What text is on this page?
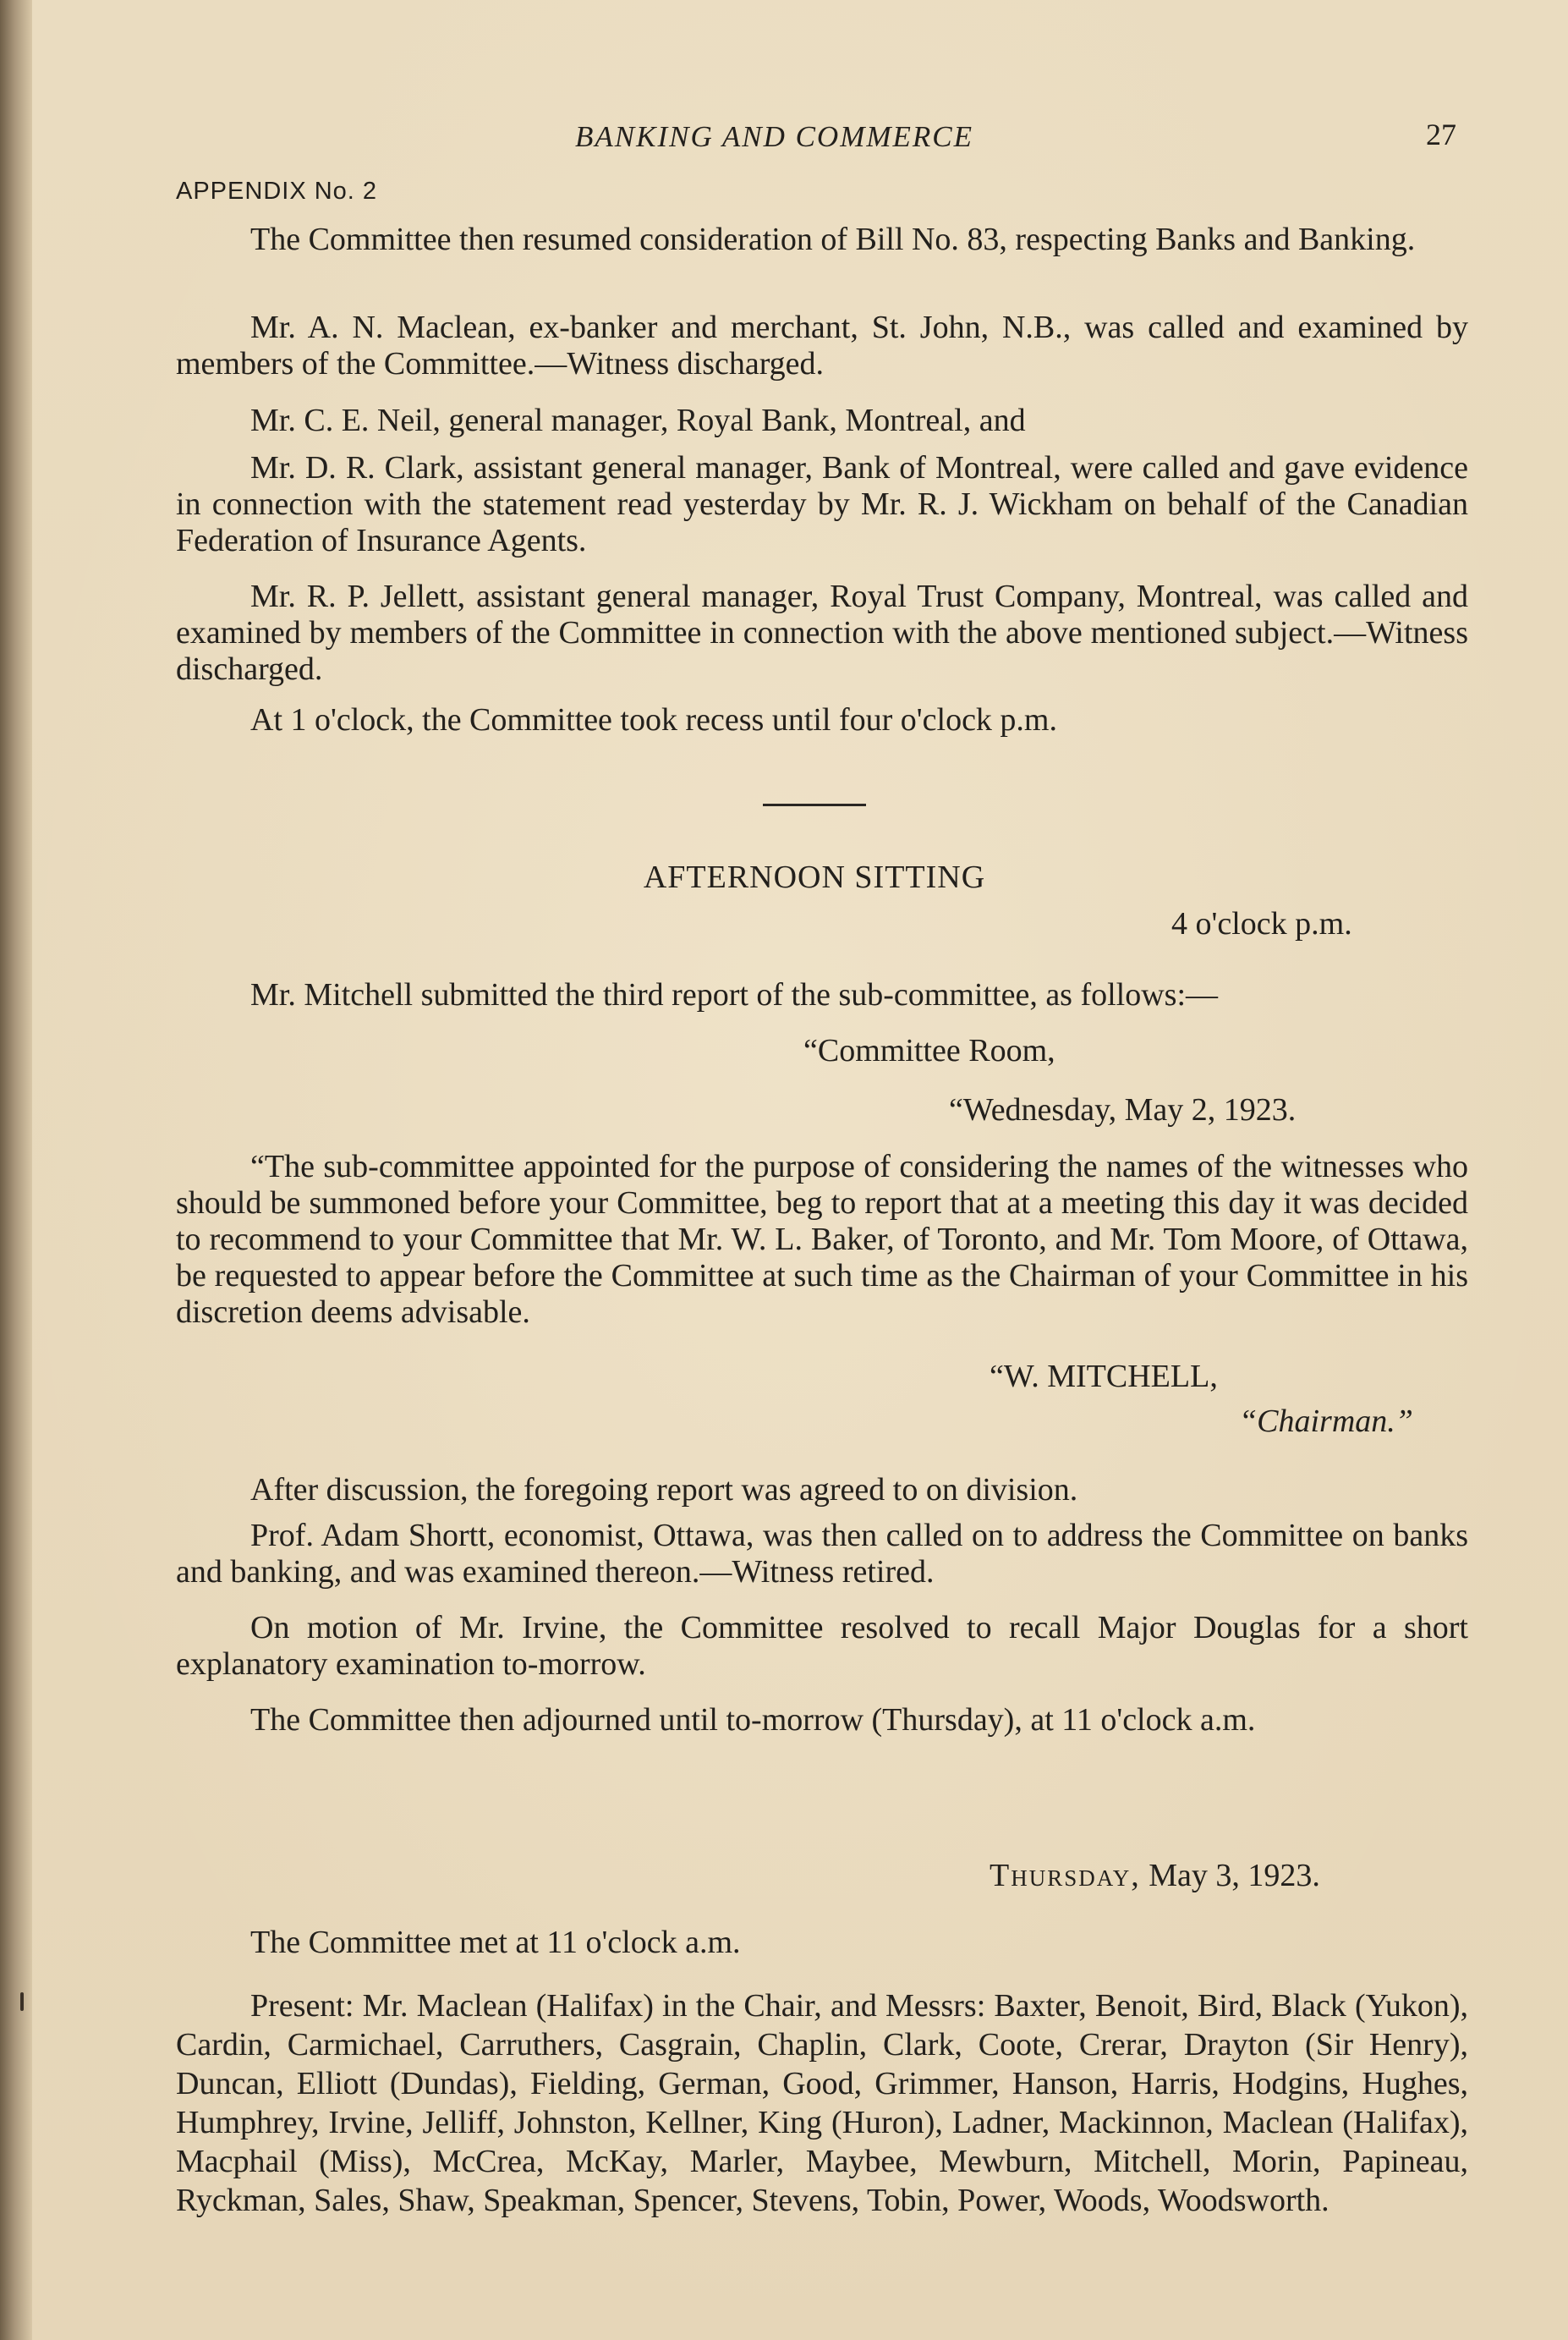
BANKING AND COMMERCE	27
APPENDIX No. 2

The Committee then resumed consideration of Bill No. 83, respecting Banks and Banking.

Mr. A. N. Maclean, ex-banker and merchant, St. John, N.B., was called and examined by members of the Committee.—Witness discharged.

Mr. C. E. Neil, general manager, Royal Bank, Montreal, and

Mr. D. R. Clark, assistant general manager, Bank of Montreal, were called and gave evidence in connection with the statement read yesterday by Mr. R. J. Wickham on behalf of the Canadian Federation of Insurance Agents.

Mr. R. P. Jellett, assistant general manager, Royal Trust Company, Montreal, was called and examined by members of the Committee in connection with the above mentioned subject.—Witness discharged.

At 1 o'clock, the Committee took recess until four o'clock p.m.

AFTERNOON SITTING
4 o'clock p.m.

Mr. Mitchell submitted the third report of the sub-committee, as follows:—

“Committee Room,
“Wednesday, May 2, 1923.

“The sub-committee appointed for the purpose of considering the names of the witnesses who should be summoned before your Committee, beg to report that at a meeting this day it was decided to recommend to your Committee that Mr. W. L. Baker, of Toronto, and Mr. Tom Moore, of Ottawa, be requested to appear before the Committee at such time as the Chairman of your Committee in his discretion deems advisable.

“W. MITCHELL,
“Chairman.”

After discussion, the foregoing report was agreed to on division.

Prof. Adam Shortt, economist, Ottawa, was then called on to address the Committee on banks and banking, and was examined thereon.—Witness retired.

On motion of Mr. Irvine, the Committee resolved to recall Major Douglas for a short explanatory examination to-morrow.

The Committee then adjourned until to-morrow (Thursday), at 11 o'clock a.m.

Thursday, May 3, 1923.

The Committee met at 11 o'clock a.m.

Present: Mr. Maclean (Halifax) in the Chair, and Messrs: Baxter, Benoit, Bird, Black (Yukon), Cardin, Carmichael, Carruthers, Casgrain, Chaplin, Clark, Coote, Crerar, Drayton (Sir Henry), Duncan, Elliott (Dundas), Fielding, German, Good, Grimmer, Hanson, Harris, Hodgins, Hughes, Humphrey, Irvine, Jelliff, Johnston, Kellner, King (Huron), Ladner, Mackinnon, Maclean (Halifax), Macphail (Miss), McCrea, McKay, Marler, Maybee, Mewburn, Mitchell, Morin, Papineau, Ryckman, Sales, Shaw, Speakman, Spencer, Stevens, Tobin, Power, Woods, Woodsworth.
